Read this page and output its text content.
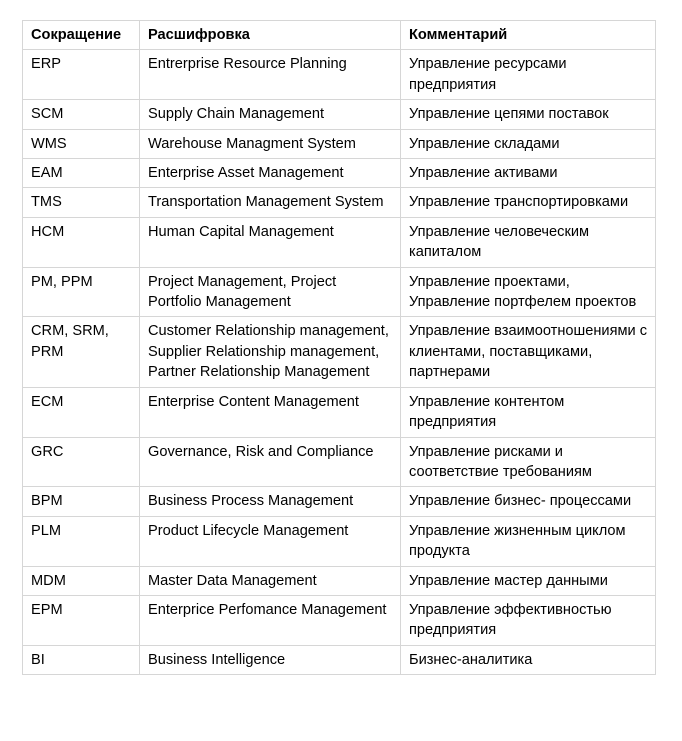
Сокращение	Расшифровка	Комментарий
ERP	Entrerprise Resource Planning	Управление ресурсами предприятия
SCM	Supply Chain Management	Управление цепями поставок
WMS	Warehouse Managment System	Управление складами
EAM	Enterprise Asset Management	Управление активами
TMS	Transportation Management System	Управление транспортировками
HCM	Human Capital Management	Управление человеческим капиталом
PM, PPM	Project Management, Project Portfolio Management	Управление проектами, Управление портфелем проектов
CRM, SRM, PRM	Customer Relationship management, Supplier Relationship management, Partner Relationship Management	Управление взаимоотношениями с клиентами, поставщиками, партнерами
ECM	Enterprise Content Management	Управление контентом предприятия
GRC	Governance, Risk and Compliance	Управление рисками и соответствие требованиям
BPM	Business Process Management	Управление бизнес- процессами
PLM	Product Lifecycle Management	Управление жизненным циклом продукта
MDM	Master Data Management	Управление мастер данными
EPM	Enterprice Perfomance Management	Управление эффективностью предприятия
BI	Business Intelligence	Бизнес-аналитика
